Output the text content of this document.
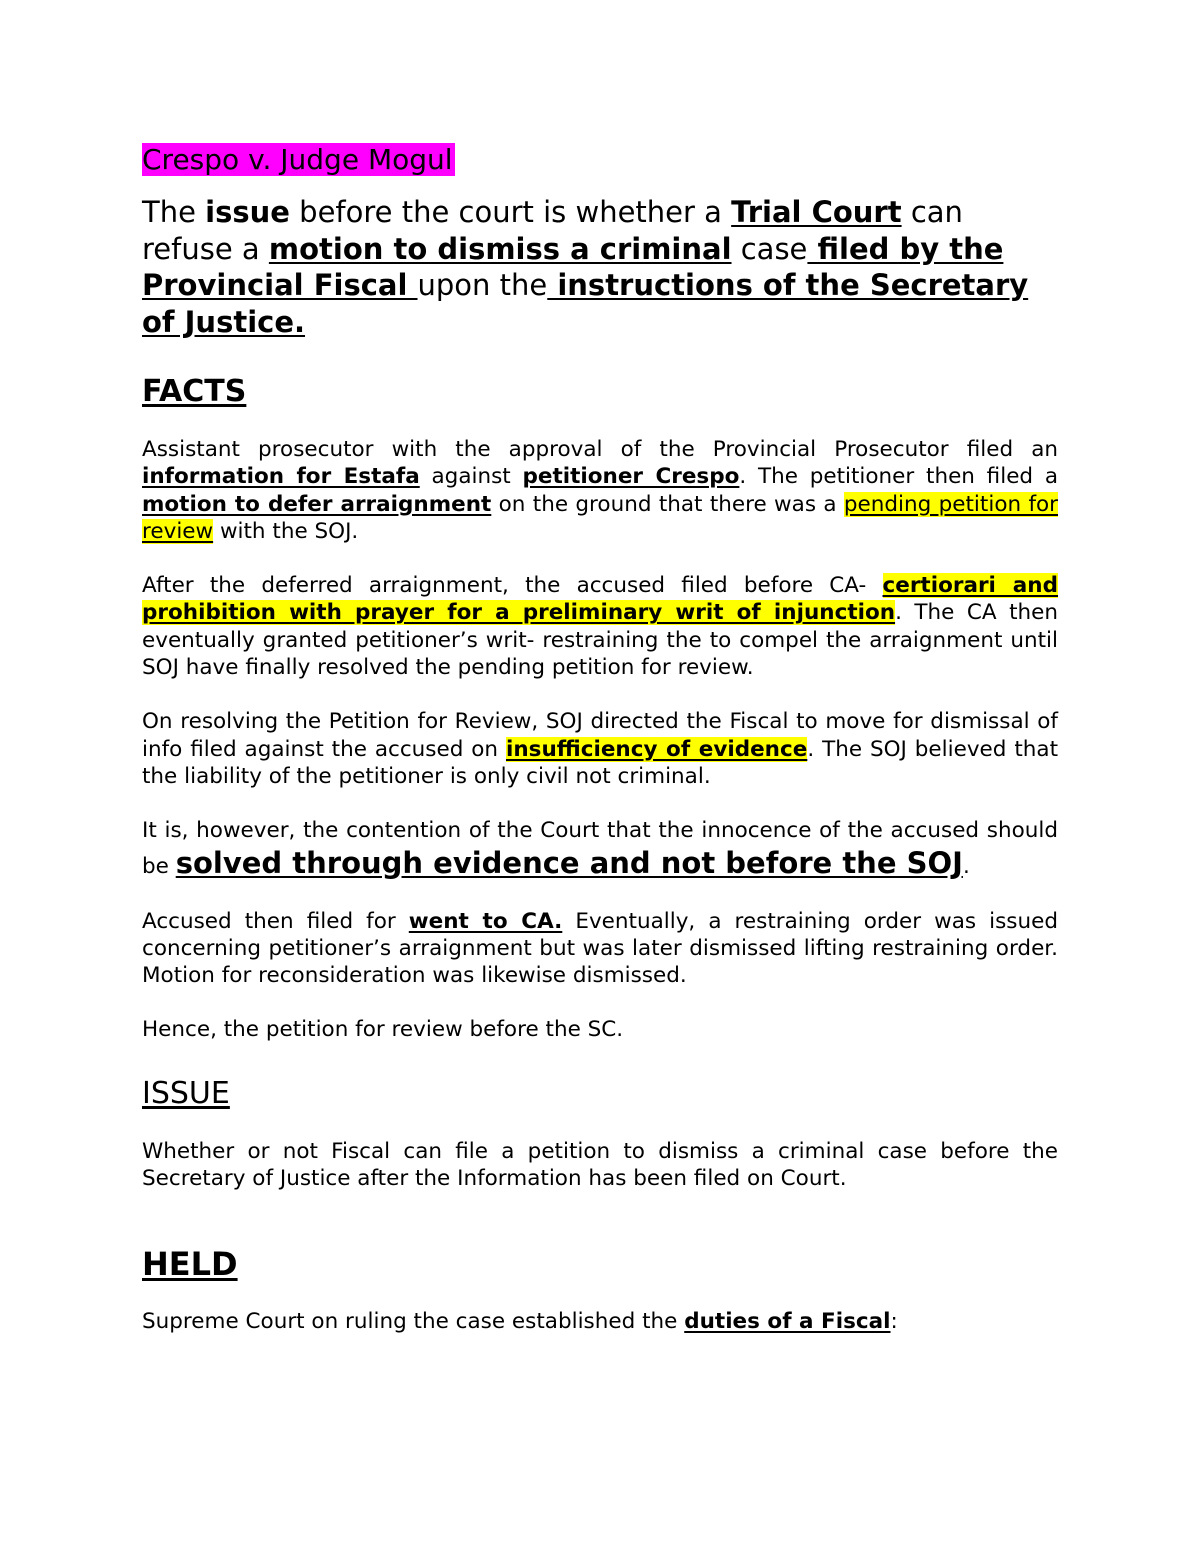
Crespo v. Judge Mogul

The issue before the court is whether a Trial Court can refuse a motion to dismiss a criminal case filed by the Provincial Fiscal upon the instructions of the Secretary of Justice.

FACTS

Assistant prosecutor with the approval of the Provincial Prosecutor filed an information for Estafa against petitioner Crespo. The petitioner then filed a motion to defer arraignment on the ground that there was a pending petition for review with the SOJ.

After the deferred arraignment, the accused filed before CA- certiorari and prohibition with prayer for a preliminary writ of injunction. The CA then eventually granted petitioner’s writ- restraining the to compel the arraignment until SOJ have finally resolved the pending petition for review.

On resolving the Petition for Review, SOJ directed the Fiscal to move for dismissal of info filed against the accused on insufficiency of evidence. The SOJ believed that the liability of the petitioner is only civil not criminal.

It is, however, the contention of the Court that the innocence of the accused should be solved through evidence and not before the SOJ.

Accused then filed for went to CA. Eventually, a restraining order was issued concerning petitioner’s arraignment but was later dismissed lifting restraining order. Motion for reconsideration was likewise dismissed.

Hence, the petition for review before the SC.

ISSUE

Whether or not Fiscal can file a petition to dismiss a criminal case before the Secretary of Justice after the Information has been filed on Court.

HELD

Supreme Court on ruling the case established the duties of a Fiscal:
